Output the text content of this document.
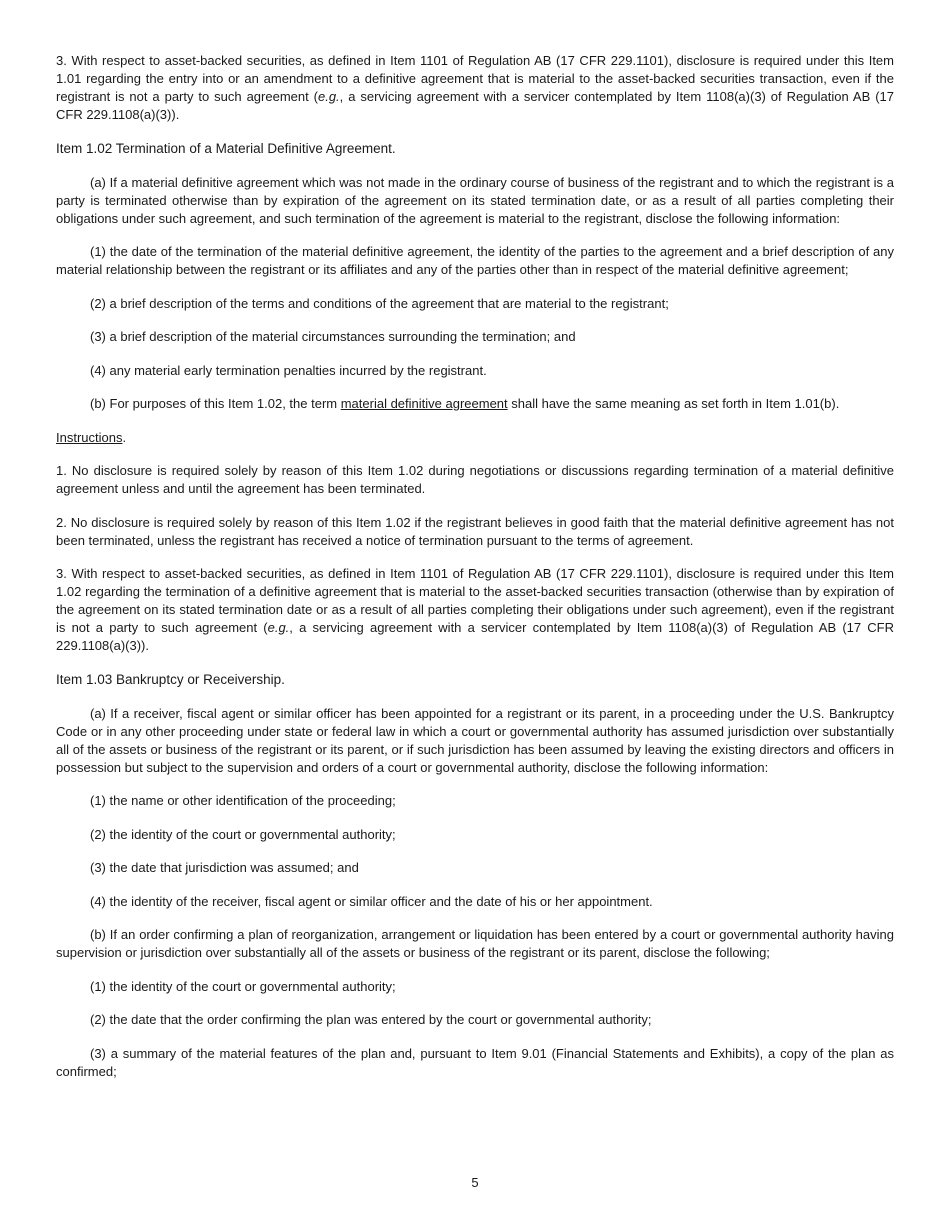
3. With respect to asset-backed securities, as defined in Item 1101 of Regulation AB (17 CFR 229.1101), disclosure is required under this Item 1.01 regarding the entry into or an amendment to a definitive agreement that is material to the asset-backed securities transaction, even if the registrant is not a party to such agreement (e.g., a servicing agreement with a servicer contemplated by Item 1108(a)(3) of Regulation AB (17 CFR 229.1108(a)(3)).

Item 1.02 Termination of a Material Definitive Agreement.

(a) If a material definitive agreement which was not made in the ordinary course of business of the registrant and to which the registrant is a party is terminated otherwise than by expiration of the agreement on its stated termination date, or as a result of all parties completing their obligations under such agreement, and such termination of the agreement is material to the registrant, disclose the following information:

(1) the date of the termination of the material definitive agreement, the identity of the parties to the agreement and a brief description of any material relationship between the registrant or its affiliates and any of the parties other than in respect of the material definitive agreement;

(2) a brief description of the terms and conditions of the agreement that are material to the registrant;

(3) a brief description of the material circumstances surrounding the termination; and

(4) any material early termination penalties incurred by the registrant.

(b) For purposes of this Item 1.02, the term material definitive agreement shall have the same meaning as set forth in Item 1.01(b).

Instructions.

1. No disclosure is required solely by reason of this Item 1.02 during negotiations or discussions regarding termination of a material definitive agreement unless and until the agreement has been terminated.

2. No disclosure is required solely by reason of this Item 1.02 if the registrant believes in good faith that the material definitive agreement has not been terminated, unless the registrant has received a notice of termination pursuant to the terms of agreement.

3. With respect to asset-backed securities, as defined in Item 1101 of Regulation AB (17 CFR 229.1101), disclosure is required under this Item 1.02 regarding the termination of a definitive agreement that is material to the asset-backed securities transaction (otherwise than by expiration of the agreement on its stated termination date or as a result of all parties completing their obligations under such agreement), even if the registrant is not a party to such agreement (e.g., a servicing agreement with a servicer contemplated by Item 1108(a)(3) of Regulation AB (17 CFR 229.1108(a)(3)).

Item 1.03 Bankruptcy or Receivership.

(a) If a receiver, fiscal agent or similar officer has been appointed for a registrant or its parent, in a proceeding under the U.S. Bankruptcy Code or in any other proceeding under state or federal law in which a court or governmental authority has assumed jurisdiction over substantially all of the assets or business of the registrant or its parent, or if such jurisdiction has been assumed by leaving the existing directors and officers in possession but subject to the supervision and orders of a court or governmental authority, disclose the following information:

(1) the name or other identification of the proceeding;

(2) the identity of the court or governmental authority;

(3) the date that jurisdiction was assumed; and

(4) the identity of the receiver, fiscal agent or similar officer and the date of his or her appointment.

(b) If an order confirming a plan of reorganization, arrangement or liquidation has been entered by a court or governmental authority having supervision or jurisdiction over substantially all of the assets or business of the registrant or its parent, disclose the following;

(1) the identity of the court or governmental authority;

(2) the date that the order confirming the plan was entered by the court or governmental authority;

(3) a summary of the material features of the plan and, pursuant to Item 9.01 (Financial Statements and Exhibits), a copy of the plan as confirmed;

5
